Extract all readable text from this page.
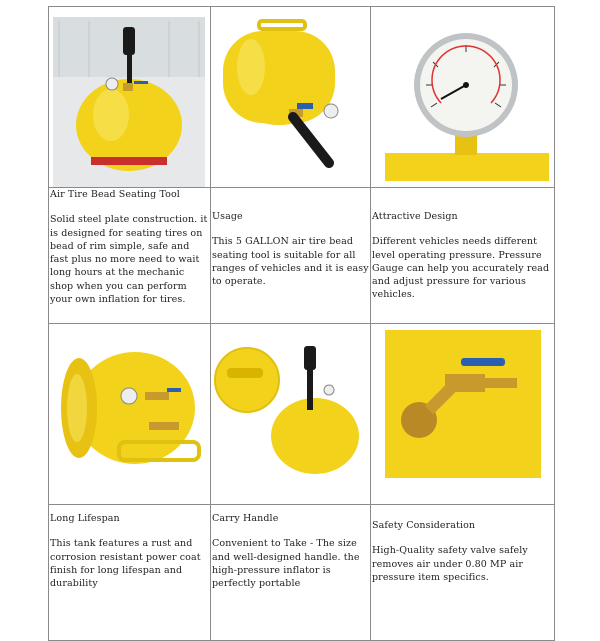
Air Tire Bead Seating Tool
Solid steel plate construction. it is designed for seating tires on bead of rim simple, safe and fast plus no more need to wait long hours at the mechanic shop when you can perform your own inflation for tires.	Usage
This 5 GALLON air tire bead seating tool is suitable for all ranges of vehicles and it is easy to operate.	Attractive Design
Different vehicles needs different level operating pressure. Pressure Gauge can help you accurately read and adjust pressure for various vehicles.

Long Lifespan
This tank features a rust and corrosion resistant power coat finish for long lifespan and durability	Carry Handle
Convenient to Take - The size and well-designed handle. the high-pressure inflator is perfectly portable	Safety Consideration
High-Quality safety valve safely removes air under 0.80 MP air pressure item specifics.
